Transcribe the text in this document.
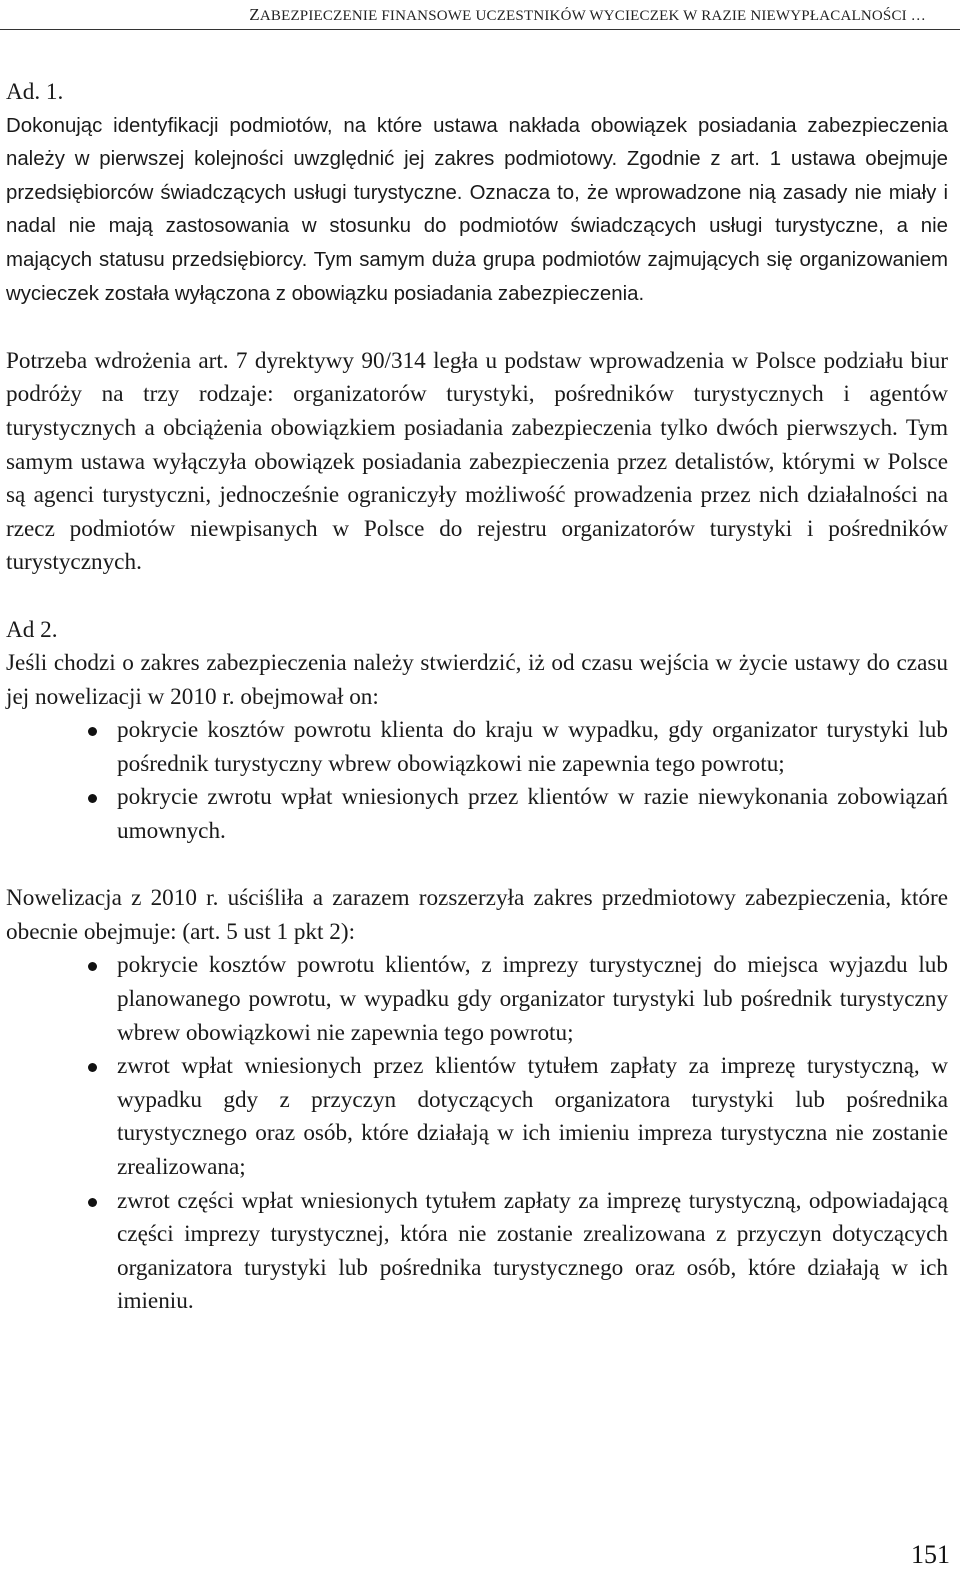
ZABEZPIECZENIE FINANSOWE UCZESTNIKÓW WYCIECZEK W RAZIE NIEWYPŁACALNOŚCI …

Ad. 1.

Dokonując identyfikacji podmiotów, na które ustawa nakłada obowiązek posiadania zabezpieczenia należy w pierwszej kolejności uwzględnić jej zakres podmiotowy. Zgodnie z art. 1 ustawa obejmuje przedsiębiorców świadczących usługi turystyczne. Oznacza to, że wprowadzone nią zasady nie miały i nadal nie mają zastosowania w stosunku do podmiotów świadczących usługi turystyczne, a nie mających statusu przedsiębiorcy. Tym samym duża grupa podmiotów zajmujących się organizowaniem wycieczek została wyłączona z obowiązku posiadania zabezpieczenia.

Potrzeba wdrożenia art. 7 dyrektywy 90/314 legła u podstaw wprowadzenia w Polsce podziału biur podróży na trzy rodzaje: organizatorów turystyki, pośredników turystycznych i agentów turystycznych a obciążenia obowiązkiem posiadania zabezpieczenia tylko dwóch pierwszych. Tym samym ustawa wyłączyła obowiązek posiadania zabezpieczenia przez detalistów, którymi w Polsce są agenci turystyczni, jednocześnie ograniczyły możliwość prowadzenia przez nich działalności na rzecz podmiotów niewpisanych w Polsce do rejestru organizatorów turystyki i pośredników turystycznych.

Ad 2.

Jeśli chodzi o zakres zabezpieczenia należy stwierdzić, iż od czasu wejścia w życie ustawy do czasu jej nowelizacji w 2010 r. obejmował on:

pokrycie kosztów powrotu klienta do kraju w wypadku, gdy organizator turystyki lub pośrednik turystyczny wbrew obowiązkowi nie zapewnia tego powrotu;
pokrycie zwrotu wpłat wniesionych przez klientów w razie niewykonania zobowiązań umownych.

Nowelizacja z 2010 r. uściśliła a zarazem rozszerzyła zakres przedmiotowy zabezpieczenia, które obecnie obejmuje: (art. 5 ust 1 pkt 2):

pokrycie kosztów powrotu klientów, z imprezy turystycznej do miejsca wyjazdu lub planowanego powrotu, w wypadku gdy organizator turystyki lub pośrednik turystyczny wbrew obowiązkowi nie zapewnia tego powrotu;
zwrot wpłat wniesionych przez klientów tytułem zapłaty za imprezę turystyczną, w wypadku gdy z przyczyn dotyczących organizatora turystyki lub pośrednika turystycznego oraz osób, które działają w ich imieniu impreza turystyczna nie zostanie zrealizowana;
zwrot części wpłat wniesionych tytułem zapłaty za imprezę turystyczną, odpowiadającą części imprezy turystycznej, która nie zostanie zrealizowana z przyczyn dotyczących organizatora turystyki lub pośrednika turystycznego oraz osób, które działają w ich imieniu.
151
